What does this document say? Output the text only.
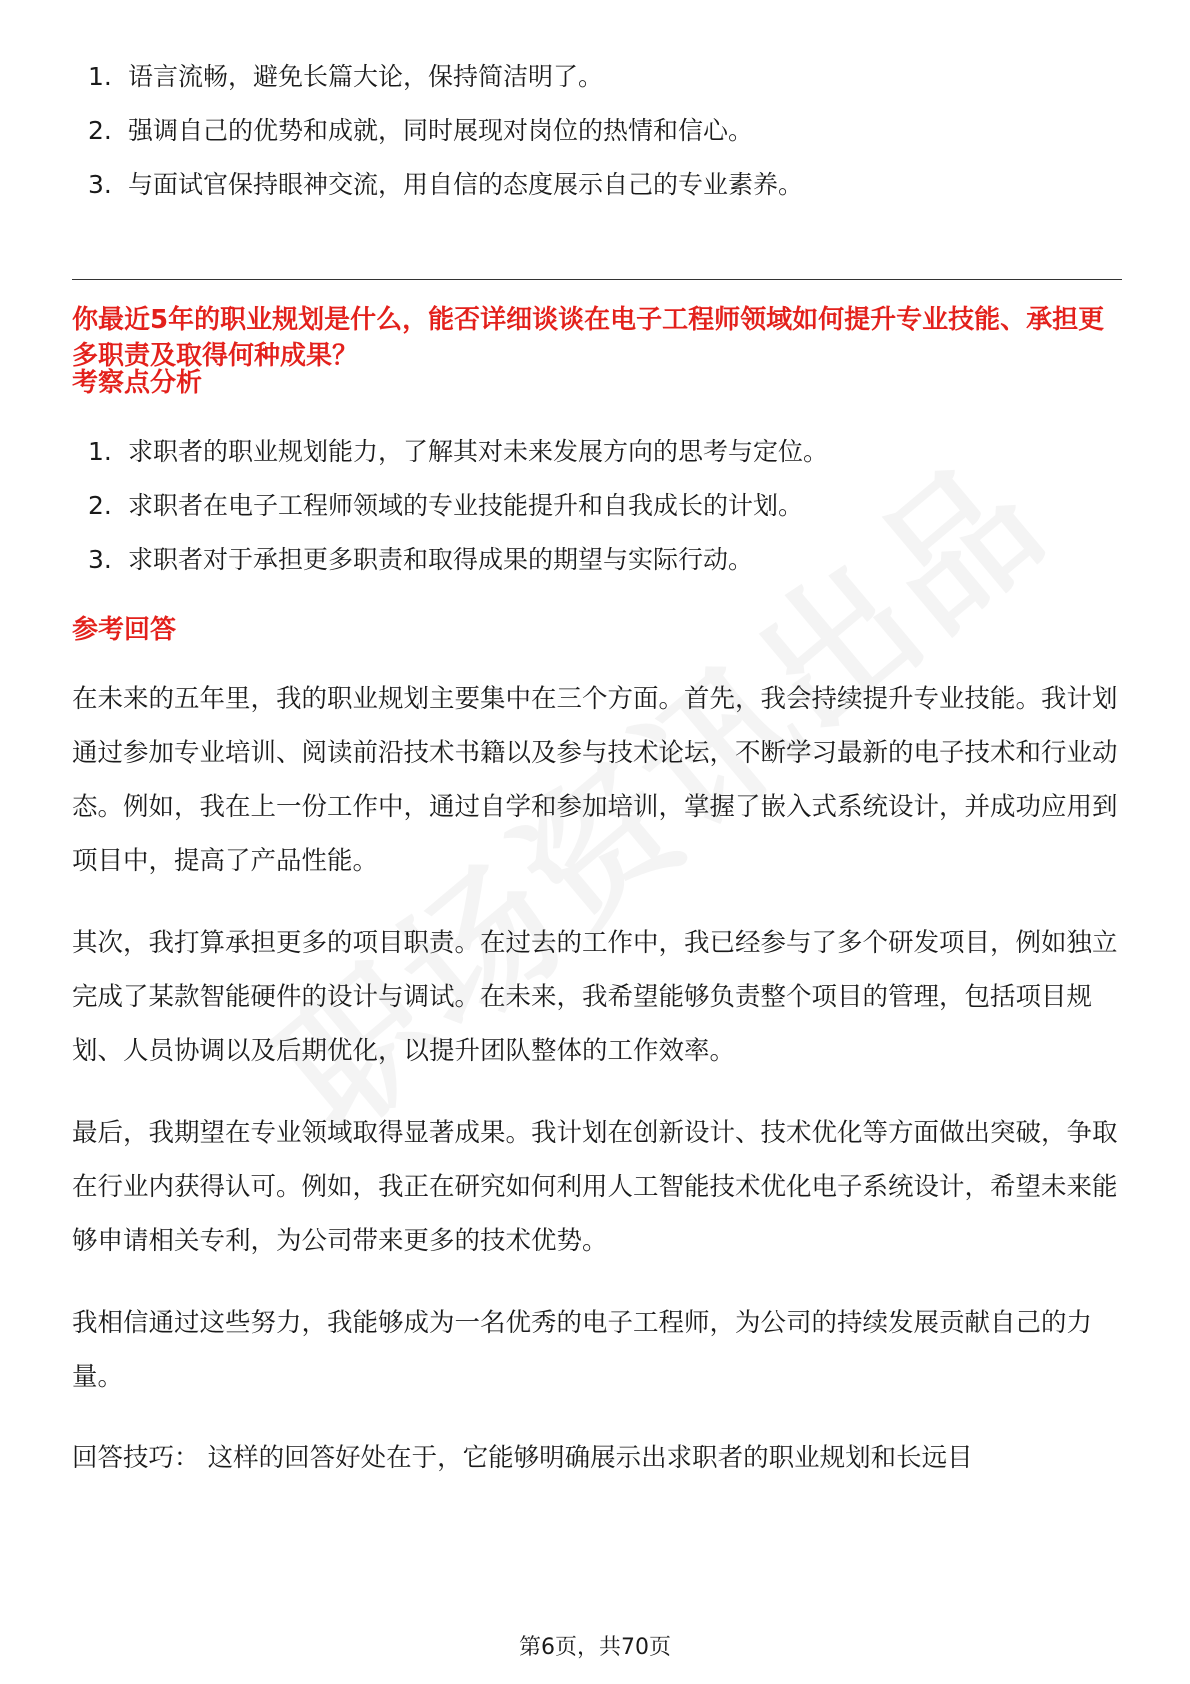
1. 语言流畅，避免长篇大论，保持简洁明了。
2. 强调自己的优势和成就，同时展现对岗位的热情和信心。
3. 与面试官保持眼神交流，用自信的态度展示自己的专业素养。
你最近5年的职业规划是什么，能否详细谈谈在电子工程师领域如何提升专业技能、承担更多职责及取得何种成果？
考察点分析
1. 求职者的职业规划能力，了解其对未来发展方向的思考与定位。
2. 求职者在电子工程师领域的专业技能提升和自我成长的计划。
3. 求职者对于承担更多职责和取得成果的期望与实际行动。
参考回答

在未来的五年里，我的职业规划主要集中在三个方面。首先，我会持续提升专业技能。我计划通过参加专业培训、阅读前沿技术书籍以及参与技术论坛，不断学习最新的电子技术和行业动态。例如，我在上一份工作中，通过自学和参加培训，掌握了嵌入式系统设计，并成功应用到项目中，提高了产品性能。

其次，我打算承担更多的项目职责。在过去的工作中，我已经参与了多个研发项目，例如独立完成了某款智能硬件的设计与调试。在未来，我希望能够负责整个项目的管理，包括项目规划、人员协调以及后期优化，以提升团队整体的工作效率。

最后，我期望在专业领域取得显著成果。我计划在创新设计、技术优化等方面做出突破，争取在行业内获得认可。例如，我正在研究如何利用人工智能技术优化电子系统设计，希望未来能够申请相关专利，为公司带来更多的技术优势。

我相信通过这些努力，我能够成为一名优秀的电子工程师，为公司的持续发展贡献自己的力量。

回答技巧： 这样的回答好处在于，它能够明确展示出求职者的职业规划和长远目

第6页，共70页
